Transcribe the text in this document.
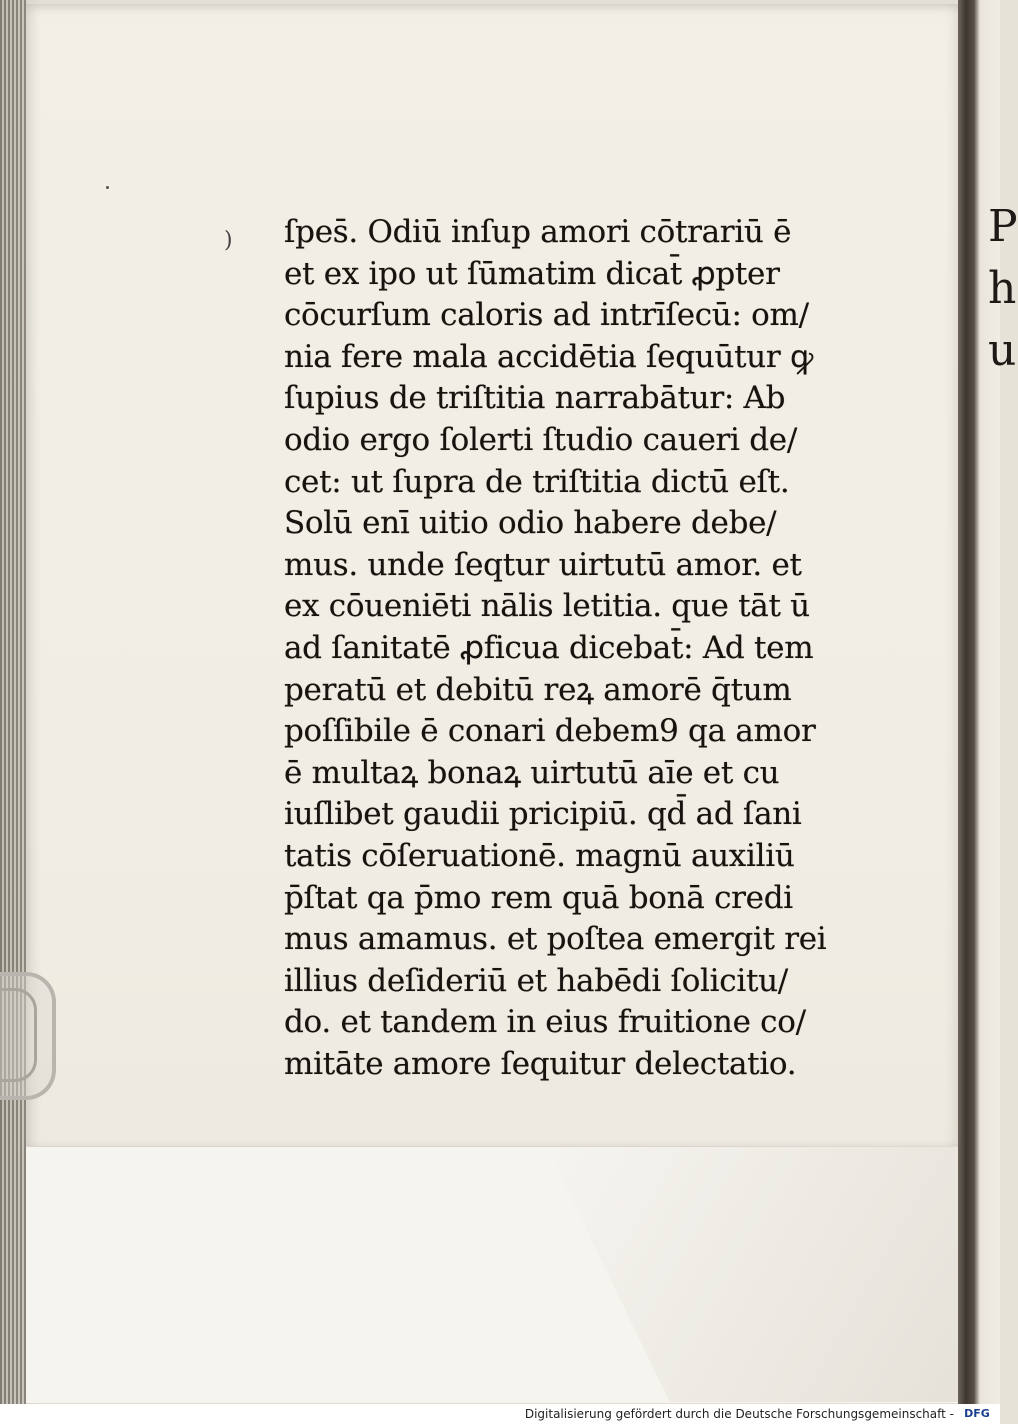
P
h
u
) ſpes̄. Odiū inſup amori cōtrariū ē
et ex ipo ut ſūmatim dicat̄ ꝓpter
cōcurſum caloris ad intrīſecū: om/
nia fere mala accidētia ſequūtur ꝙ
ſupius de triſtitia narrabātur: Ab
odio ergo ſolerti ſtudio caueri de/
cet: ut ſupra de triſtitia dictū eſt.
Solū enī uitio odio habere debe/
mus. unde ſeqtur uirtutū amor. et
ex cōueniēti nālis letitia. que tāt ū
ad ſanitatē ꝓficua dicebat̄: Ad tem
peratū et debitū reꝝ amorē q̄tum
poſſibile ē conari debem9 qa amor
ē multaꝝ bonaꝝ uirtutū aīe et cu
iuſlibet gaudii pricipiū. qd̄ ad ſani
tatis cōſeruationē. magnū auxiliū
p̄ſtat qa p̄mo rem quā bonā credi
mus amamus. et poſtea emergit rei
illius deſideriū et habēdi ſolicitu/
do. et tandem in eius fruitione co/
mitāte amore ſequitur delectatio.
Digitalisierung gefördert durch die Deutsche Forschungsgemeinschaft - DFG
